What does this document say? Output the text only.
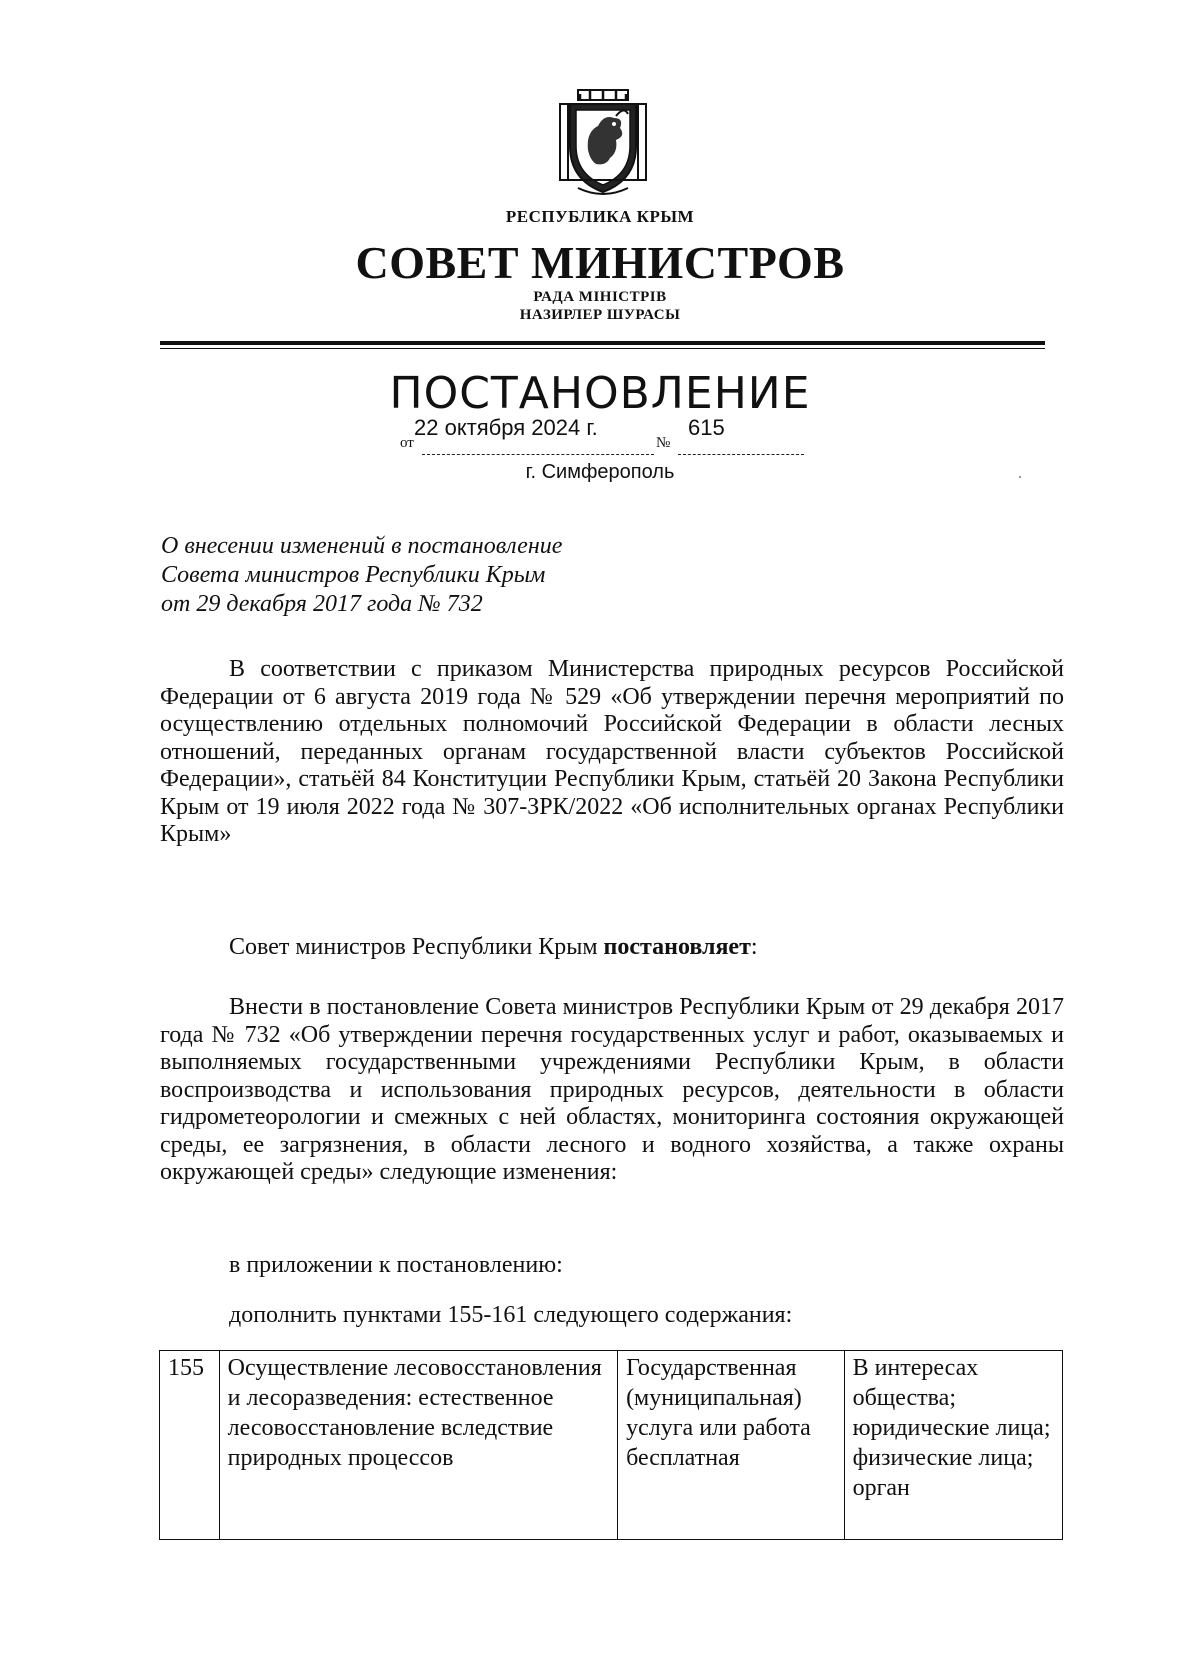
РЕСПУБЛИКА КРЫМ
СОВЕТ МИНИСТРОВ
РАДА МІНІСТРІВ
НАЗИРЛЕР ШУРАСЫ
ПОСТАНОВЛЕНИЕ
22 октября 2024 г.	615
от	№
г. Симферополь
О внесении изменений в постановление
Совета министров Республики Крым
от 29 декабря 2017 года № 732
В соответствии с приказом Министерства природных ресурсов Российской Федерации от 6 августа 2019 года № 529 «Об утверждении перечня мероприятий по осуществлению отдельных полномочий Российской Федерации в области лесных отношений, переданных органам государственной власти субъектов Российской Федерации», статьёй 84 Конституции Республики Крым, статьёй 20 Закона Республики Крым от 19 июля 2022 года № 307-ЗРК/2022 «Об исполнительных органах Республики Крым»
Совет министров Республики Крым постановляет:
Внести в постановление Совета министров Республики Крым от 29 декабря 2017 года № 732 «Об утверждении перечня государственных услуг и работ, оказываемых и выполняемых государственными учреждениями Республики Крым, в области воспроизводства и использования природных ресурсов, деятельности в области гидрометеорологии и смежных с ней областях, мониторинга состояния окружающей среды, ее загрязнения, в области лесного и водного хозяйства, а также охраны окружающей среды» следующие изменения:
в приложении к постановлению:
дополнить пунктами 155-161 следующего содержания:
155	Осуществление лесовосстановления и лесоразведения: естественное лесовосстановление вследствие природных процессов	Государственная (муниципальная) услуга или работа бесплатная	В интересах общества; юридические лица; физические лица; орган
